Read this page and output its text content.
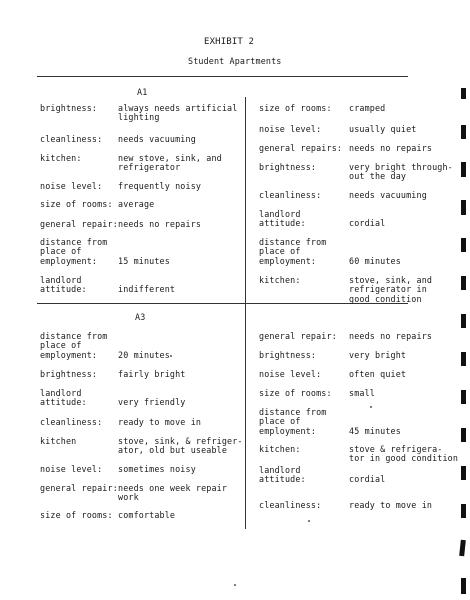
EXHIBIT 2
Student Apartments
A1
brightness: always needs artificial
lighting
cleanliness: needs vacuuming
kitchen:	new stove, sink, and
refrigerator
noise level: frequently noisy
size of rooms: average
general repair: needs no repairs
distance from
place of
employment:	15 minutes
landlord
attitude:	indifferent
size of rooms: cramped
noise level:	usually quiet
general repairs: needs no repairs
brightness:	very bright through-
out the day
cleanliness:	needs vacuuming
landlord
attitude:	cordial
distance from
place of
employment:	60 minutes
kitchen:	stove, sink, and
refrigerator in
good condition
A3
distance from
place of
employment:	20 minutes
brightness: fairly bright
landlord
attitude:	very friendly
cleanliness: ready to move in
kitchen	stove, sink, & refriger-
ator, old but useable
noise level: sometimes noisy
general repair: needs one week repair
work
size of rooms: comfortable
general repair: needs no repairs
brightness:	very bright
noise level:	often quiet
size of rooms: small
distance from
place of
employment:	45 minutes
kitchen:	stove & refrigera-
tor in good condition
landlord
attitude:	cordial
cleanliness:	ready to move in
